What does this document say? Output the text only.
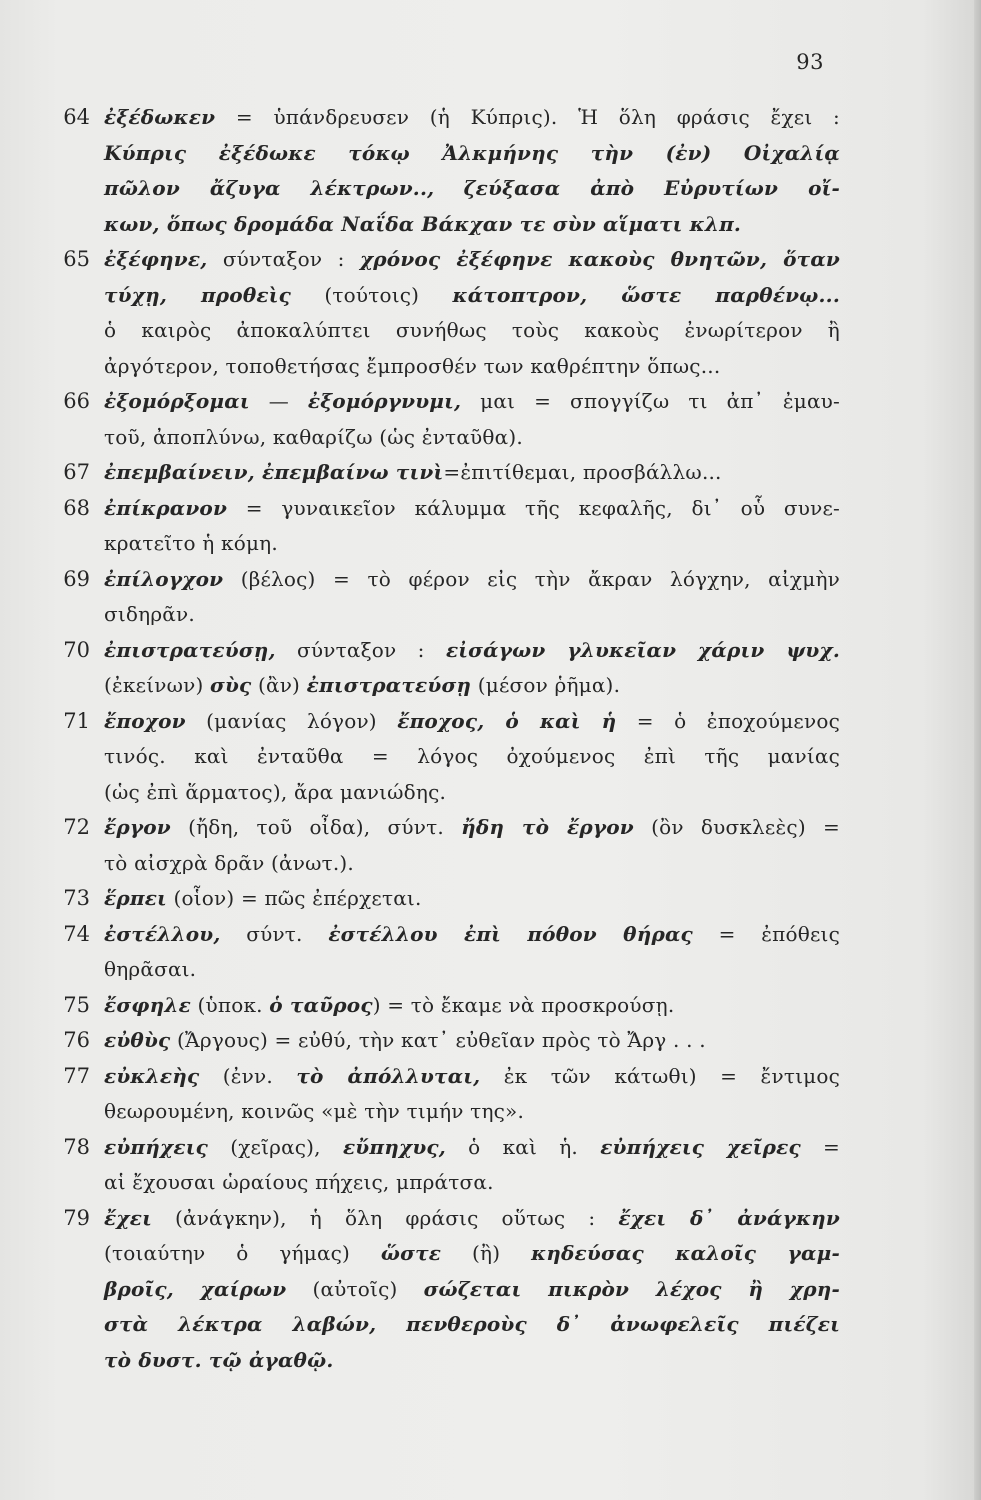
93
64 ἐξέδωκεν = ὑπάνδρευσεν (ἡ Κύπρις). Ἡ ὅλη φράσις ἔχει :
Κύπρις ἐξέδωκε τόκῳ Ἀλκμήνης τὴν (ἐν) Οἰχαλίᾳ
πῶλον ἄζυγα λέκτρων.., ζεύξασα ἀπὸ Εὐρυτίων οἴ-
κων, ὅπως δρομάδα Ναΐδα Βάκχαν τε σὺν αἵματι κλπ.
65 ἐξέφηνε, σύνταξον : χρόνος ἐξέφηνε κακοὺς θνητῶν, ὅταν
τύχῃ, προθεὶς (τούτοις) κάτοπτρον, ὥστε παρθένῳ...
ὁ καιρὸς ἀποκαλύπτει συνήθως τοὺς κακοὺς ἐνωρίτερον ἢ
ἀργότερον, τοποθετήσας ἔμπροσθέν των καθρέπτην ὅπως...
66 ἐξομόρξομαι — ἐξομόργνυμι, μαι = σπογγίζω τι ἀπ᾿ ἐμαυ-
τοῦ, ἀποπλύνω, καθαρίζω (ὡς ἐνταῦθα).
67 ἐπεμβαίνειν, ἐπεμβαίνω τινὶ=ἐπιτίθεμαι, προσβάλλω...
68 ἐπίκρανον = γυναικεῖον κάλυμμα τῆς κεφαλῆς, δι᾿ οὗ συνε-
κρατεῖτο ἡ κόμη.
69 ἐπίλογχον (βέλος) = τὸ φέρον εἰς τὴν ἄκραν λόγχην, αἰχμὴν
σιδηρᾶν.
70 ἐπιστρατεύσῃ, σύνταξον : εἰσάγων γλυκεῖαν χάριν ψυχ.
(ἐκείνων) σὺς (ἂν) ἐπιστρατεύσῃ (μέσον ῥῆμα).
71 ἔποχον (μανίας λόγον) ἔποχος, ὁ καὶ ἡ = ὁ ἐποχούμενος
τινός. καὶ ἐνταῦθα = λόγος ὀχούμενος ἐπὶ τῆς μανίας
(ὡς ἐπὶ ἅρματος), ἄρα μανιώδης.
72 ἔργον (ἤδη, τοῦ οἶδα), σύντ. ἤδη τὸ ἔργον (ὂν δυσκλεὲς) =
τὸ αἰσχρὰ δρᾶν (ἀνωτ.).
73 ἕρπει (οἷον) = πῶς ἐπέρχεται.
74 ἐστέλλου, σύντ. ἐστέλλου ἐπὶ πόθον θήρας = ἐπόθεις
θηρᾶσαι.
75 ἔσφηλε (ὑποκ. ὁ ταῦρος) = τὸ ἔκαμε νὰ προσκρούσῃ.
76 εὐθὺς (Ἄργους) = εὐθύ, τὴν κατ᾿ εὐθεῖαν πρὸς τὸ Ἄργ . . .
77 εὐκλεὴς (ἐνν. τὸ ἀπόλλυται, ἐκ τῶν κάτωθι) = ἔντιμος
θεωρουμένη, κοινῶς «μὲ τὴν τιμήν της».
78 εὐπήχεις (χεῖρας), εὔπηχυς, ὁ καὶ ἡ. εὐπήχεις χεῖρες =
αἱ ἔχουσαι ὡραίους πήχεις, μπράτσα.
79 ἔχει (ἀνάγκην), ἡ ὅλη φράσις οὕτως : ἔχει δ᾿ ἀνάγκην
(τοιαύτην ὁ γήμας) ὥστε (ἢ) κηδεύσας καλοῖς γαμ-
βροῖς, χαίρων (αὐτοῖς) σώζεται πικρὸν λέχος ἢ χρη-
στὰ λέκτρα λαβών, πενθεροὺς δ᾿ ἀνωφελεῖς πιέζει
τὸ δυστ. τῷ ἀγαθῷ.
